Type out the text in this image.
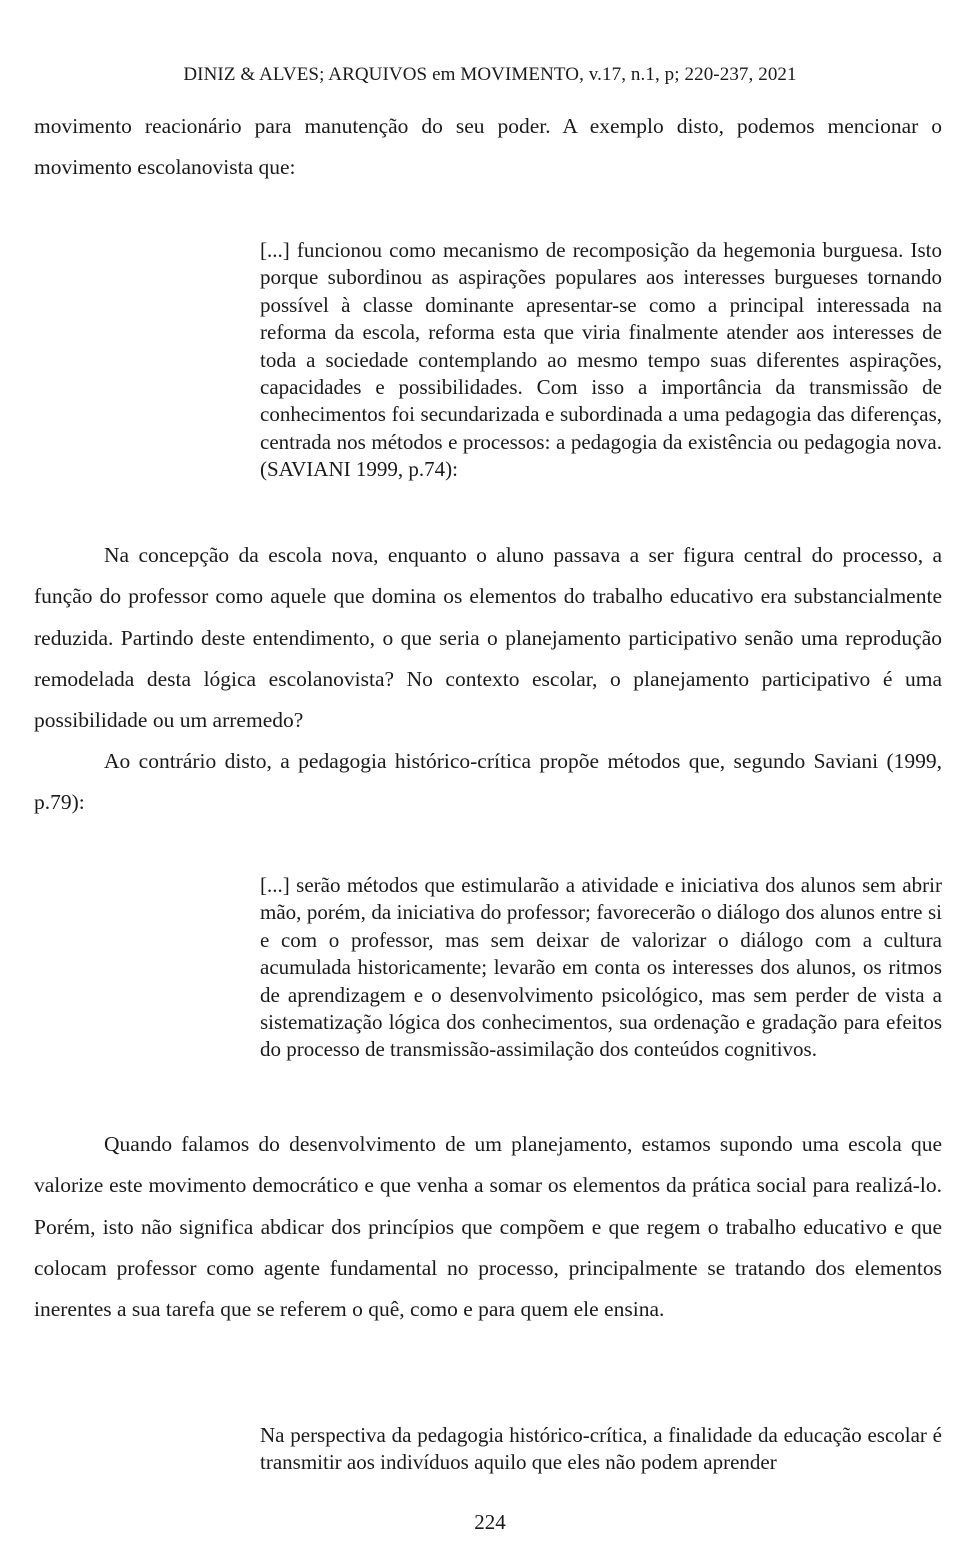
DINIZ & ALVES; ARQUIVOS em MOVIMENTO, v.17, n.1, p; 220-237, 2021

movimento reacionário para manutenção do seu poder. A exemplo disto, podemos mencionar o movimento escolanovista que:

[...] funcionou como mecanismo de recomposição da hegemonia burguesa. Isto porque subordinou as aspirações populares aos interesses burgueses tornando possível à classe dominante apresentar-se como a principal interessada na reforma da escola, reforma esta que viria finalmente atender aos interesses de toda a sociedade contemplando ao mesmo tempo suas diferentes aspirações, capacidades e possibilidades. Com isso a importância da transmissão de conhecimentos foi secundarizada e subordinada a uma pedagogia das diferenças, centrada nos métodos e processos: a pedagogia da existência ou pedagogia nova. (SAVIANI 1999, p.74):

Na concepção da escola nova, enquanto o aluno passava a ser figura central do processo, a função do professor como aquele que domina os elementos do trabalho educativo era substancialmente reduzida. Partindo deste entendimento, o que seria o planejamento participativo senão uma reprodução remodelada desta lógica escolanovista? No contexto escolar, o planejamento participativo é uma possibilidade ou um arremedo?

Ao contrário disto, a pedagogia histórico-crítica propõe métodos que, segundo Saviani (1999, p.79):

[...] serão métodos que estimularão a atividade e iniciativa dos alunos sem abrir mão, porém, da iniciativa do professor; favorecerão o diálogo dos alunos entre si e com o professor, mas sem deixar de valorizar o diálogo com a cultura acumulada historicamente; levarão em conta os interesses dos alunos, os ritmos de aprendizagem e o desenvolvimento psicológico, mas sem perder de vista a sistematização lógica dos conhecimentos, sua ordenação e gradação para efeitos do processo de transmissão-assimilação dos conteúdos cognitivos.

Quando falamos do desenvolvimento de um planejamento, estamos supondo uma escola que valorize este movimento democrático e que venha a somar os elementos da prática social para realizá-lo. Porém, isto não significa abdicar dos princípios que compõem e que regem o trabalho educativo e que colocam professor como agente fundamental no processo, principalmente se tratando dos elementos inerentes a sua tarefa que se referem o quê, como e para quem ele ensina.

Na perspectiva da pedagogia histórico-crítica, a finalidade da educação escolar é transmitir aos indivíduos aquilo que eles não podem aprender

224
